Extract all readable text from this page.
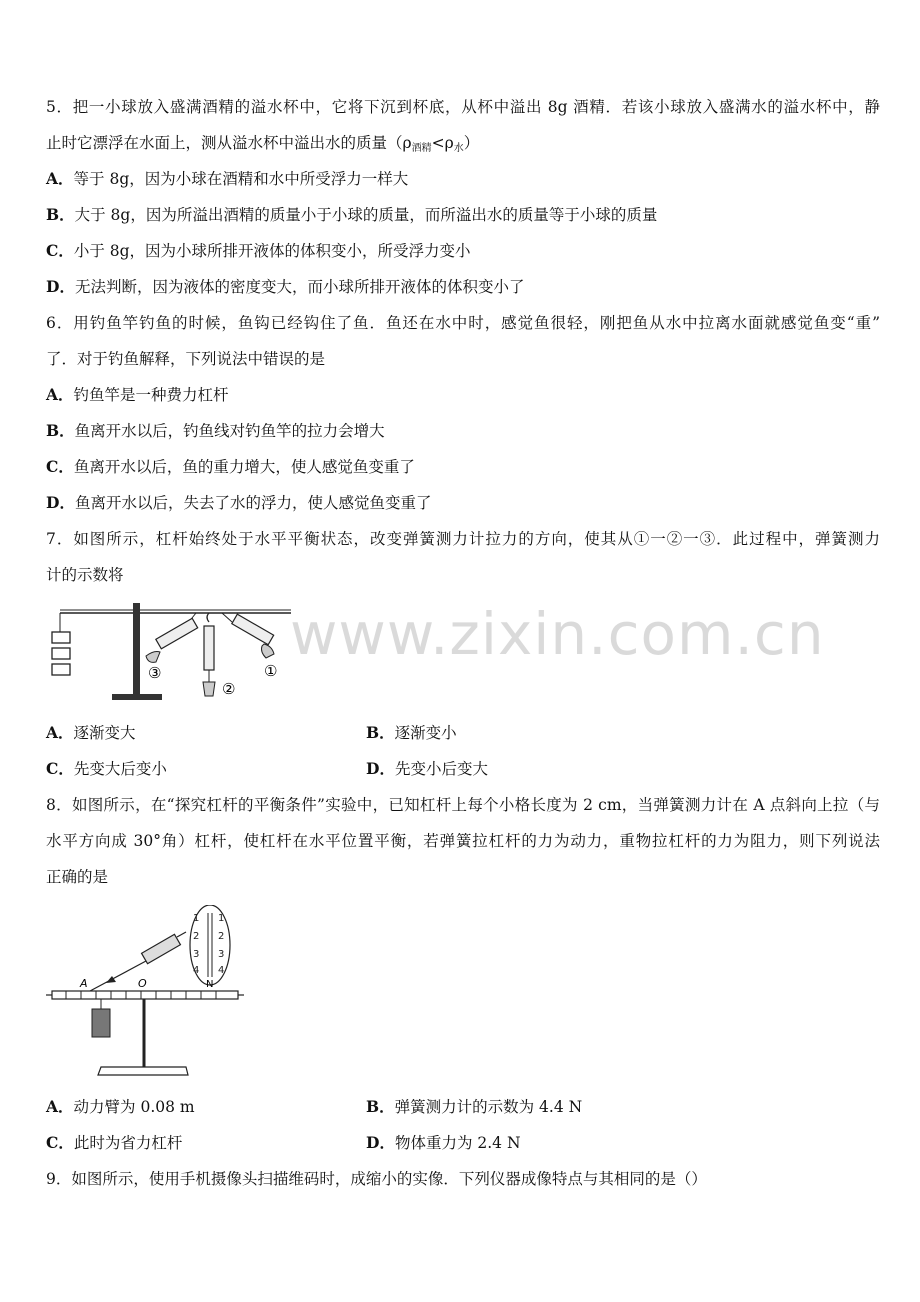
5．把一小球放入盛满酒精的溢水杯中，它将下沉到杯底，从杯中溢出 8g 酒精．若该小球放入盛满水的溢水杯中，静
止时它漂浮在水面上，测从溢水杯中溢出水的质量$(\rho_{酒精}<\rho_水)$
A．等于 8g，因为小球在酒精和水中所受浮力一样大
B．大于 8g，因为所溢出酒精的质量小于小球的质量，而所溢出水的质量等于小球的质量
C．小于 8g，因为小球所排开液体的体积变小，所受浮力变小
D．无法判断，因为液体的密度变大，而小球所排开液体的体积变小了
6．用钓鱼竿钓鱼的时候，鱼钩已经钩住了鱼．鱼还在水中时，感觉鱼很轻，刚把鱼从水中拉离水面就感觉鱼变“重”
了．对于钓鱼解释，下列说法中错误的是
A．钓鱼竿是一种费力杠杆
B．鱼离开水以后，钓鱼线对钓鱼竿的拉力会增大
C．鱼离开水以后，鱼的重力增大，使人感觉鱼变重了
D．鱼离开水以后，失去了水的浮力，使人感觉鱼变重了
7．如图所示，杠杆始终处于水平平衡状态，改变弹簧测力计拉力的方向，使其从①一②一③．此过程中，弹簧测力
计的示数将
①
②
③
A．逐渐变大	B．逐渐变小
C．先变大后变小	D．先变小后变大
8．如图所示，在“探究杠杆的平衡条件”实验中，已知杠杆上每个小格长度为 2 cm，当弹簧测力计在 A 点斜向上拉（与
水平方向成 30°角）杠杆，使杠杆在水平位置平衡，若弹簧拉杠杆的力为动力，重物拉杠杆的力为阻力，则下列说法
正确的是
1 1
2 2
3 3
4 4
N
A	O
A．动力臂为 0.08 m	B．弹簧测力计的示数为 4.4 N
C．此时为省力杠杆	D．物体重力为 2.4 N
9．如图所示，使用手机摄像头扫描维码时，成缩小的实像．下列仪器成像特点与其相同的是（）
www.zixin.com.cn
